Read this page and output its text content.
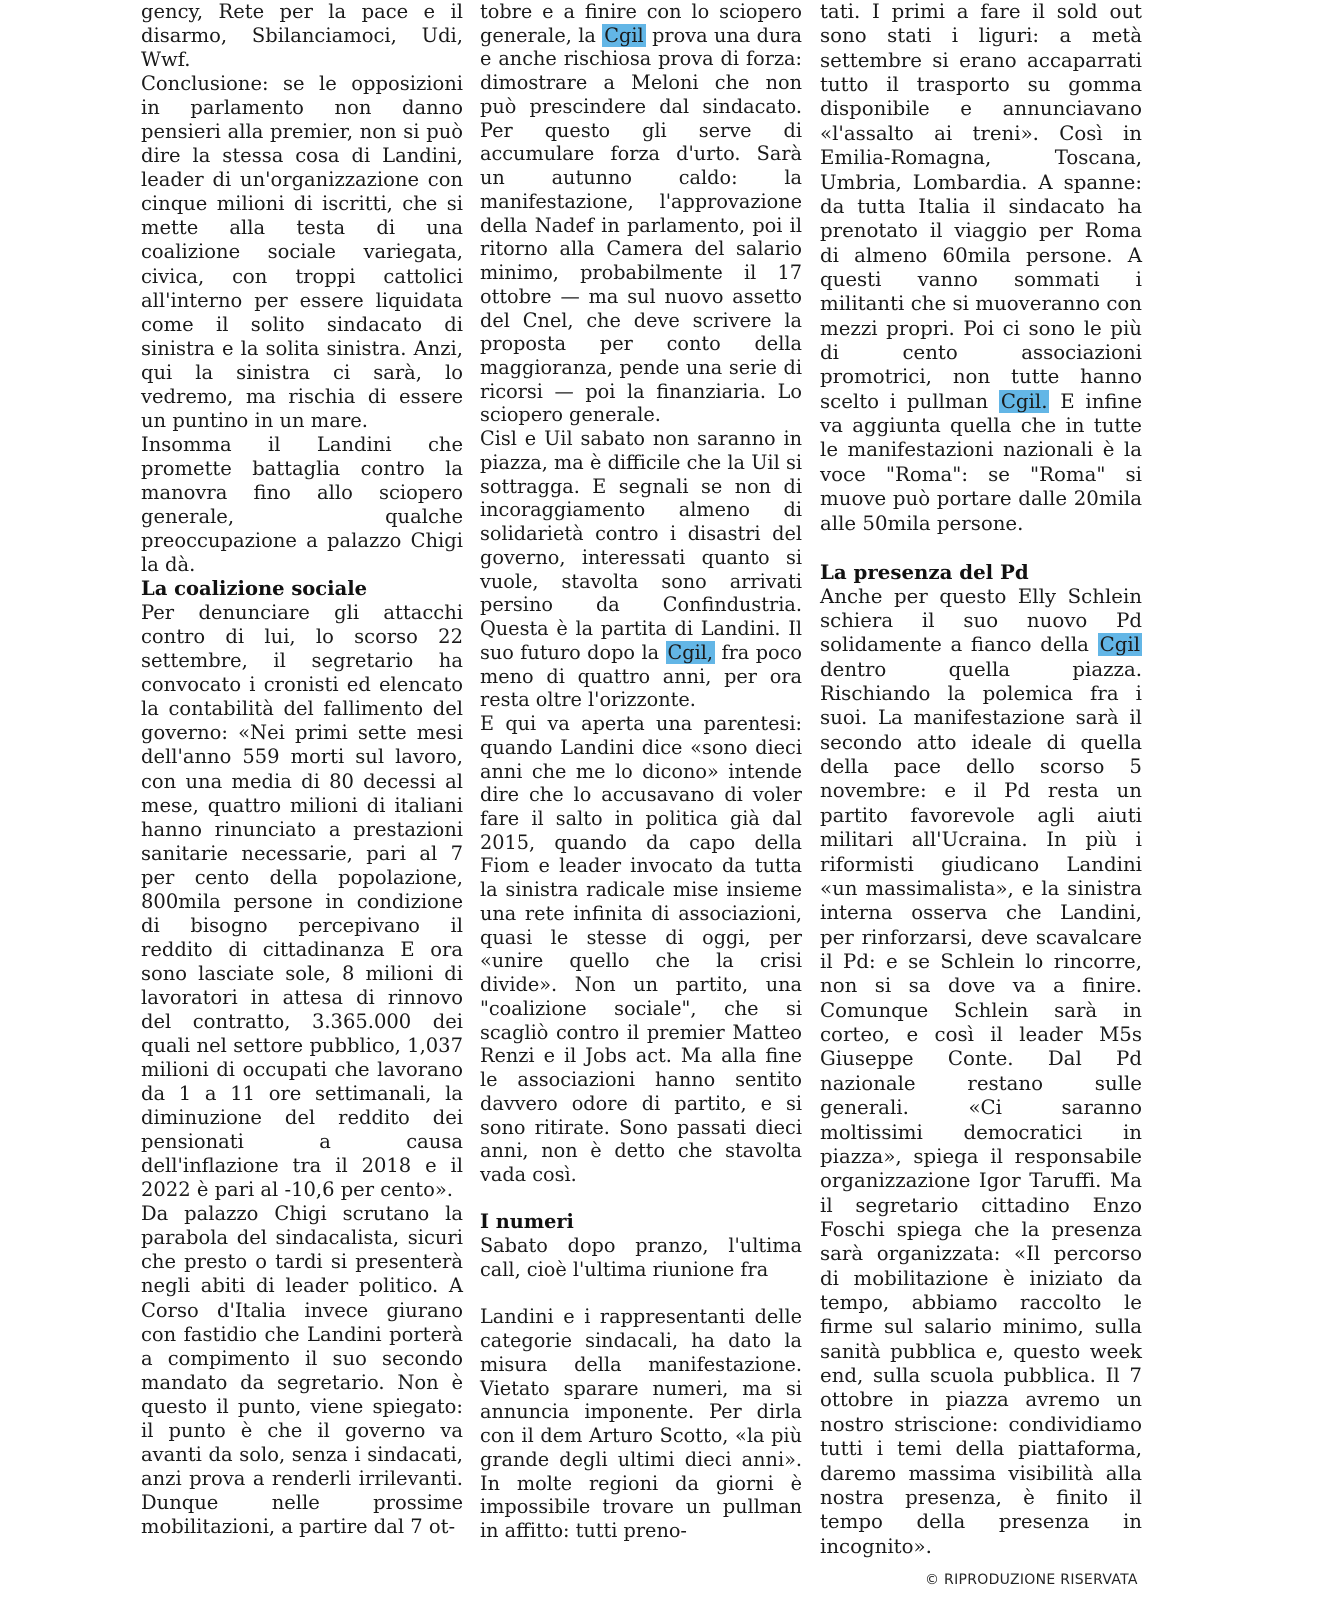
gency, Rete per la pace e il disarmo, Sbilanciamoci, Udi, Wwf.

Conclusione: se le opposizioni in parlamento non danno pensieri alla premier, non si può dire la stessa cosa di Landini, leader di un'organizzazione con cinque milioni di iscritti, che si mette alla testa di una coalizione sociale variegata, civica, con troppi cattolici all'interno per essere liquidata come il solito sindacato di sinistra e la solita sinistra. Anzi, qui la sinistra ci sarà, lo vedremo, ma rischia di essere un puntino in un mare.

Insomma il Landini che promette battaglia contro la manovra fino allo sciopero generale, qualche preoccupazione a palazzo Chigi la dà.

La coalizione sociale

Per denunciare gli attacchi contro di lui, lo scorso 22 settembre, il segretario ha convocato i cronisti ed elencato la contabilità del fallimento del governo: «Nei primi sette mesi dell'anno 559 morti sul lavoro, con una media di 80 decessi al mese, quattro milioni di italiani hanno rinunciato a prestazioni sanitarie necessarie, pari al 7 per cento della popolazione, 800mila persone in condizione di bisogno percepivano il reddito di cittadinanza E ora sono lasciate sole, 8 milioni di lavoratori in attesa di rinnovo del contratto, 3.365.000 dei quali nel settore pubblico, 1,037 milioni di occupati che lavorano da 1 a 11 ore settimanali, la diminuzione del reddito dei pensionati a causa dell'inflazione tra il 2018 e il 2022 è pari al -10,6 per cento».

Da palazzo Chigi scrutano la parabola del sindacalista, sicuri che presto o tardi si presenterà negli abiti di leader politico. A Corso d'Italia invece giurano con fastidio che Landini porterà a compimento il suo secondo mandato da segretario. Non è questo il punto, viene spiegato: il punto è che il governo va avanti da solo, senza i sindacati, anzi prova a renderli irrilevanti. Dunque nelle prossime mobilitazioni, a partire dal 7 ot-

tobre e a finire con lo sciopero generale, la Cgil prova una dura e anche rischiosa prova di forza: dimostrare a Meloni che non può prescindere dal sindacato. Per questo gli serve di accumulare forza d'urto. Sarà un autunno caldo: la manifestazione, l'approvazione della Nadef in parlamento, poi il ritorno alla Camera del salario minimo, probabilmente il 17 ottobre — ma sul nuovo assetto del Cnel, che deve scrivere la proposta per conto della maggioranza, pende una serie di ricorsi — poi la finanziaria. Lo sciopero generale.

Cisl e Uil sabato non saranno in piazza, ma è difficile che la Uil si sottragga. E segnali se non di incoraggiamento almeno di solidarietà contro i disastri del governo, interessati quanto si vuole, stavolta sono arrivati persino da Confindustria. Questa è la partita di Landini. Il suo futuro dopo la Cgil, fra poco meno di quattro anni, per ora resta oltre l'orizzonte.

E qui va aperta una parentesi: quando Landini dice «sono dieci anni che me lo dicono» intende dire che lo accusavano di voler fare il salto in politica già dal 2015, quando da capo della Fiom e leader invocato da tutta la sinistra radicale mise insieme una rete infinita di associazioni, quasi le stesse di oggi, per «unire quello che la crisi divide». Non un partito, una "coalizione sociale", che si scagliò contro il premier Matteo Renzi e il Jobs act. Ma alla fine le associazioni hanno sentito davvero odore di partito, e si sono ritirate. Sono passati dieci anni, non è detto che stavolta vada così.

I numeri

Sabato dopo pranzo, l'ultima call, cioè l'ultima riunione fra

Landini e i rappresentanti delle categorie sindacali, ha dato la misura della manifestazione. Vietato sparare numeri, ma si annuncia imponente. Per dirla con il dem Arturo Scotto, «la più grande degli ultimi dieci anni». In molte regioni da giorni è impossibile trovare un pullman in affitto: tutti preno-

tati. I primi a fare il sold out sono stati i liguri: a metà settembre si erano accaparrati tutto il trasporto su gomma disponibile e annunciavano «l'assalto ai treni». Così in Emilia-Romagna, Toscana, Umbria, Lombardia. A spanne: da tutta Italia il sindacato ha prenotato il viaggio per Roma di almeno 60mila persone. A questi vanno sommati i militanti che si muoveranno con mezzi propri. Poi ci sono le più di cento associazioni promotrici, non tutte hanno scelto i pullman Cgil. E infine va aggiunta quella che in tutte le manifestazioni nazionali è la voce "Roma": se "Roma" si muove può portare dalle 20mila alle 50mila persone.

La presenza del Pd

Anche per questo Elly Schlein schiera il suo nuovo Pd solidamente a fianco della Cgil dentro quella piazza. Rischiando la polemica fra i suoi. La manifestazione sarà il secondo atto ideale di quella della pace dello scorso 5 novembre: e il Pd resta un partito favorevole agli aiuti militari all'Ucraina. In più i riformisti giudicano Landini «un massimalista», e la sinistra interna osserva che Landini, per rinforzarsi, deve scavalcare il Pd: e se Schlein lo rincorre, non si sa dove va a finire. Comunque Schlein sarà in corteo, e così il leader M5s Giuseppe Conte. Dal Pd nazionale restano sulle generali. «Ci saranno moltissimi democratici in piazza», spiega il responsabile organizzazione Igor Taruffi. Ma il segretario cittadino Enzo Foschi spiega che la presenza sarà organizzata: «Il percorso di mobilitazione è iniziato da tempo, abbiamo raccolto le firme sul salario minimo, sulla sanità pubblica e, questo week end, sulla scuola pubblica. Il 7 ottobre in piazza avremo un nostro striscione: condividiamo tutti i temi della piattaforma, daremo massima visibilità alla nostra presenza, è finito il tempo della presenza in incognito».

© RIPRODUZIONE RISERVATA
